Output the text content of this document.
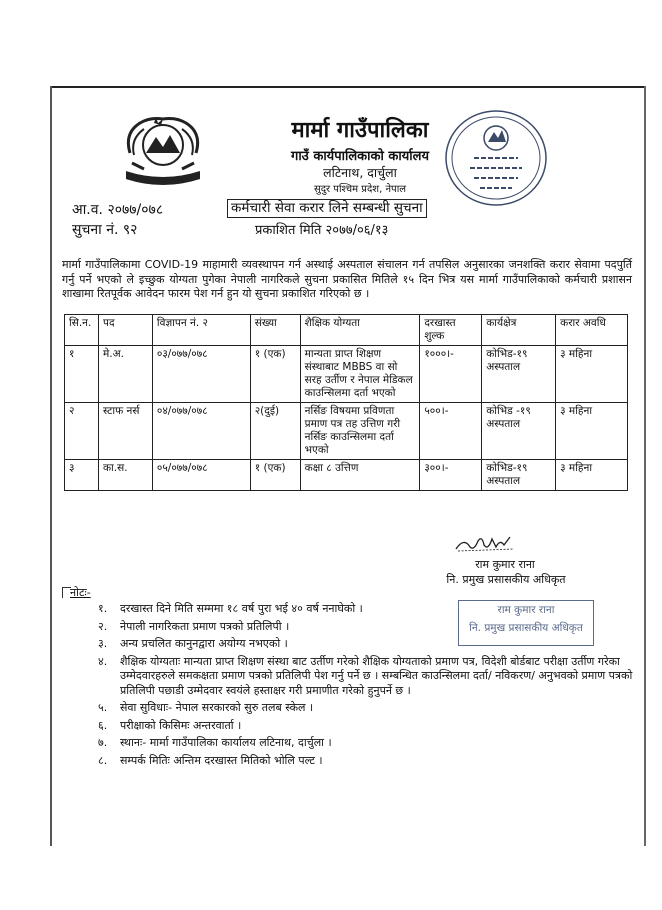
मार्मा गाउँपालिका
गाउँ कार्यपालिकाको कार्यालय
लटिनाथ, दार्चुला
सुदुर पश्चिम प्रदेश, नेपाल
आ.व. २०७७/०७८
सुचना नं. ९२
कर्मचारी सेवा करार लिने सम्बन्धी सुचना
प्रकाशित मिति २०७७/०६/१३
मार्मा गाउँपालिकामा COVID-19 माहामारी व्यवस्थापन गर्न अस्थाई अस्पताल संचालन गर्न तपसिल अनुसारका जनशक्ति करार सेवामा पदपुर्ति गर्नु पर्ने भएकाे ले इच्छुक योग्यता पुगेका नेपाली नागरिकले सुचना प्रकासित मितिले १५ दिन भित्र यस मार्मा गाउँपालिकाको कर्मचारी प्रशासन शाखामा रितपूर्वक आवेदन फारम पेश गर्न हुन यो सुचना प्रकाशित गरिएको छ ।
सि.न.	पद	विज्ञापन नं. २	संख्या	शैक्षिक योग्यता	दरखास्त शुल्क	कार्यक्षेत्र	करार अवधि
१	मे.अ.	०३/०७७/०७८	१ (एक)	मान्यता प्राप्त शिक्षण संस्थाबाट MBBS वा सो सरह उर्तीण र नेपाल मेडिकल काउन्सिलमा दर्ता भएको	१०००।-	कोभिड-१९ अस्पताल	३ महिना
२	स्टाफ नर्स	०४/०७७/०७८	२(दुई)	नर्सिङ विषयमा प्रविणता प्रमाण पत्र तह उत्तिण गरी नर्सिङ काउन्सिलमा दर्ता भएको	५००।-	कोभिड -१९ अस्पताल	३ महिना
३	का.स.	०५/०७७/०७८	१ (एक)	कक्षा ८ उत्तिण	३००।-	कोभिड-१९ अस्पताल	३ महिना
राम कुमार राना
नि. प्रमुख प्रसासकीय अधिकृत
नोटः-
राम कुमार राना
नि. प्रमुख प्रसासकीय अधिकृत
१. दरखास्त दिने मिति सम्ममा १८ वर्ष पुरा भई ४० वर्ष ननाघेको ।
२. नेपाली नागरिकता प्रमाण पत्रको प्रतिलिपी ।
३. अन्य प्रचलित कानुनद्वारा अयोग्य नभएको ।
४. शैक्षिक योग्यताः मान्यता प्राप्त शिक्षण संस्था बाट उर्तीण गरेको शैक्षिक योग्यताको प्रमाण पत्र, विदेशी बोर्डबाट परीक्षा उर्तीण गरेका उम्मेदवारहरुले समकक्षता प्रमाण पत्रको प्रतिलिपी पेश गर्नु पर्ने छ । सम्बन्धित काउन्सिलमा दर्ता/ नविकरण/ अनुभवको प्रमाण पत्रको प्रतिलिपी पछाडी उम्मेदवार स्वयंले हस्ताक्षर गरी प्रमाणीत गरेको हुनुपर्ने छ ।
५. सेवा सुविधाः- नेपाल सरकारको सुरु तलब स्केल ।
६. परीक्षाको किसिमः अन्तरवार्ता ।
७. स्थानः- मार्मा गाउँपालिका कार्यालय लटिनाथ, दार्चुला ।
८. सम्पर्क मितिः अन्तिम दरखास्त मितिको भोलि पल्ट ।
